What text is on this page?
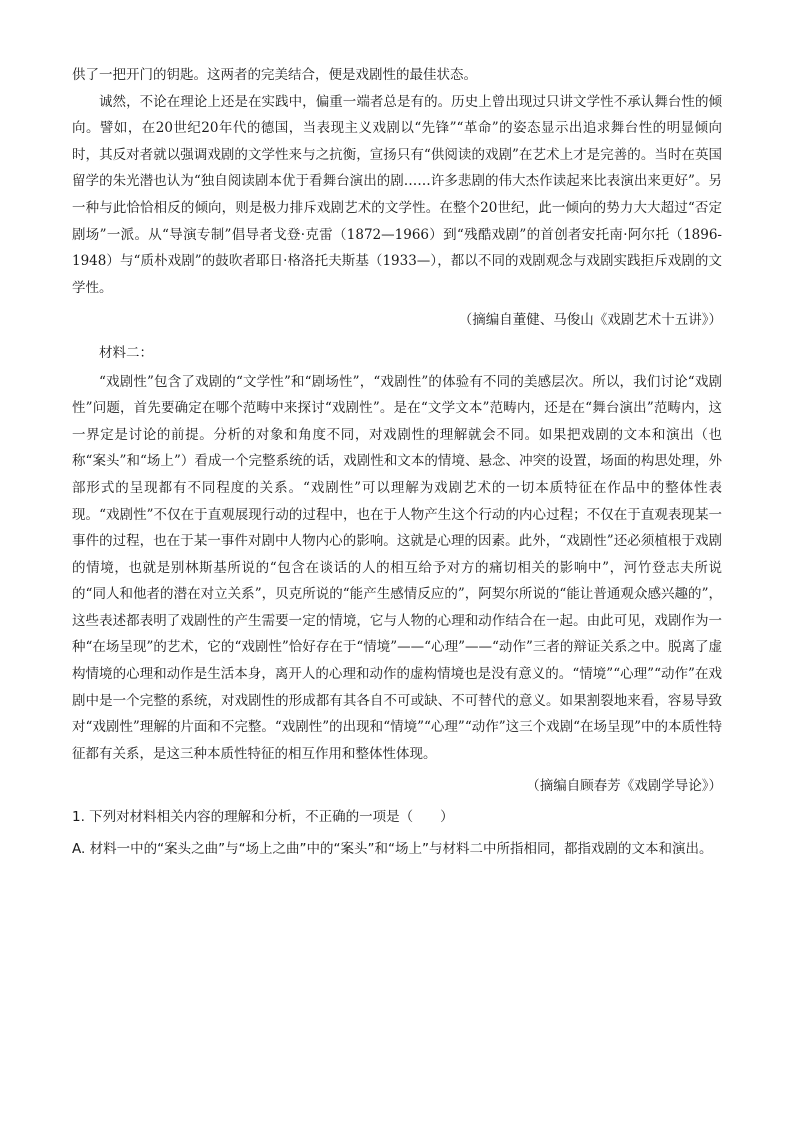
供了一把开门的钥匙。这两者的完美结合，便是戏剧性的最佳状态。

诚然，不论在理论上还是在实践中，偏重一端者总是有的。历史上曾出现过只讲文学性不承认舞台性的倾向。譬如，在20世纪20年代的德国，当表现主义戏剧以“先锋”“革命”的姿态显示出追求舞台性的明显倾向时，其反对者就以强调戏剧的文学性来与之抗衡，宣扬只有“供阅读的戏剧”在艺术上才是完善的。当时在英国留学的朱光潜也认为“独自阅读剧本优于看舞台演出的剧……许多悲剧的伟大杰作读起来比表演出来更好”。另一种与此恰恰相反的倾向，则是极力排斥戏剧艺术的文学性。在整个20世纪，此一倾向的势力大大超过“否定剧场”一派。从“导演专制”倡导者戈登·克雷（1872—1966）到“残酷戏剧”的首创者安托南·阿尔托（1896-1948）与“质朴戏剧”的鼓吹者耶日·格洛托夫斯基（1933—），都以不同的戏剧观念与戏剧实践拒斥戏剧的文学性。

（摘编自董健、马俊山《戏剧艺术十五讲》）

材料二：

“戏剧性”包含了戏剧的“文学性”和“剧场性”，“戏剧性”的体验有不同的美感层次。所以，我们讨论“戏剧性”问题，首先要确定在哪个范畴中来探讨“戏剧性”。是在“文学文本”范畴内，还是在“舞台演出”范畴内，这一界定是讨论的前提。分析的对象和角度不同，对戏剧性的理解就会不同。如果把戏剧的文本和演出（也称“案头”和“场上”）看成一个完整系统的话，戏剧性和文本的情境、悬念、冲突的设置，场面的构思处理，外部形式的呈现都有不同程度的关系。“戏剧性”可以理解为戏剧艺术的一切本质特征在作品中的整体性表现。“戏剧性”不仅在于直观展现行动的过程中，也在于人物产生这个行动的内心过程；不仅在于直观表现某一事件的过程，也在于某一事件对剧中人物内心的影响。这就是心理的因素。此外，“戏剧性”还必须植根于戏剧的情境，也就是别林斯基所说的“包含在谈话的人的相互给予对方的痛切相关的影响中”，河竹登志夫所说的“同人和他者的潜在对立关系”，贝克所说的“能产生感情反应的”，阿契尔所说的“能让普通观众感兴趣的”，这些表述都表明了戏剧性的产生需要一定的情境，它与人物的心理和动作结合在一起。由此可见，戏剧作为一种“在场呈现”的艺术，它的“戏剧性”恰好存在于“情境”——“心理”——“动作”三者的辩证关系之中。脱离了虚构情境的心理和动作是生活本身，离开人的心理和动作的虚构情境也是没有意义的。“情境”“心理”“动作”在戏剧中是一个完整的系统，对戏剧性的形成都有其各自不可或缺、不可替代的意义。如果割裂地来看，容易导致对“戏剧性”理解的片面和不完整。“戏剧性”的出现和“情境”“心理”“动作”这三个戏剧“在场呈现”中的本质性特征都有关系，是这三种本质性特征的相互作用和整体性体现。

（摘编自顾春芳《戏剧学导论》）

1. 下列对材料相关内容的理解和分析，不正确的一项是（　　）

A. 材料一中的“案头之曲”与“场上之曲”中的“案头”和“场上”与材料二中所指相同，都指戏剧的文本和演出。
